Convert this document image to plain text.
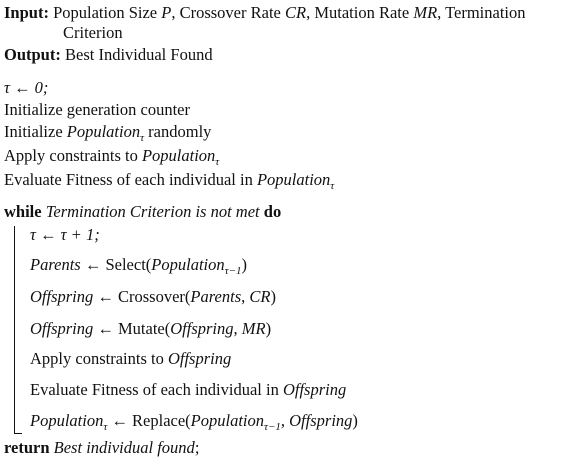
Input: Population Size P, Crossover Rate CR, Mutation Rate MR, Termination
Criterion
Output: Best Individual Found
τ ← 0;
Initialize generation counter
Initialize Population$_\tau$ randomly
Apply constraints to Population$_\tau$
Evaluate Fitness of each individual in Population$_\tau$
while Termination Criterion is not met do
τ ← τ + 1;
Parents ← Select(Population$_{\tau-1}$)
Offspring ← Crossover(Parents, CR)
Offspring ← Mutate(Offspring, MR)
Apply constraints to Offspring
Evaluate Fitness of each individual in Offspring
Population$_\tau$ ← Replace(Population$_{\tau-1}$, Offspring)
return Best individual found;
